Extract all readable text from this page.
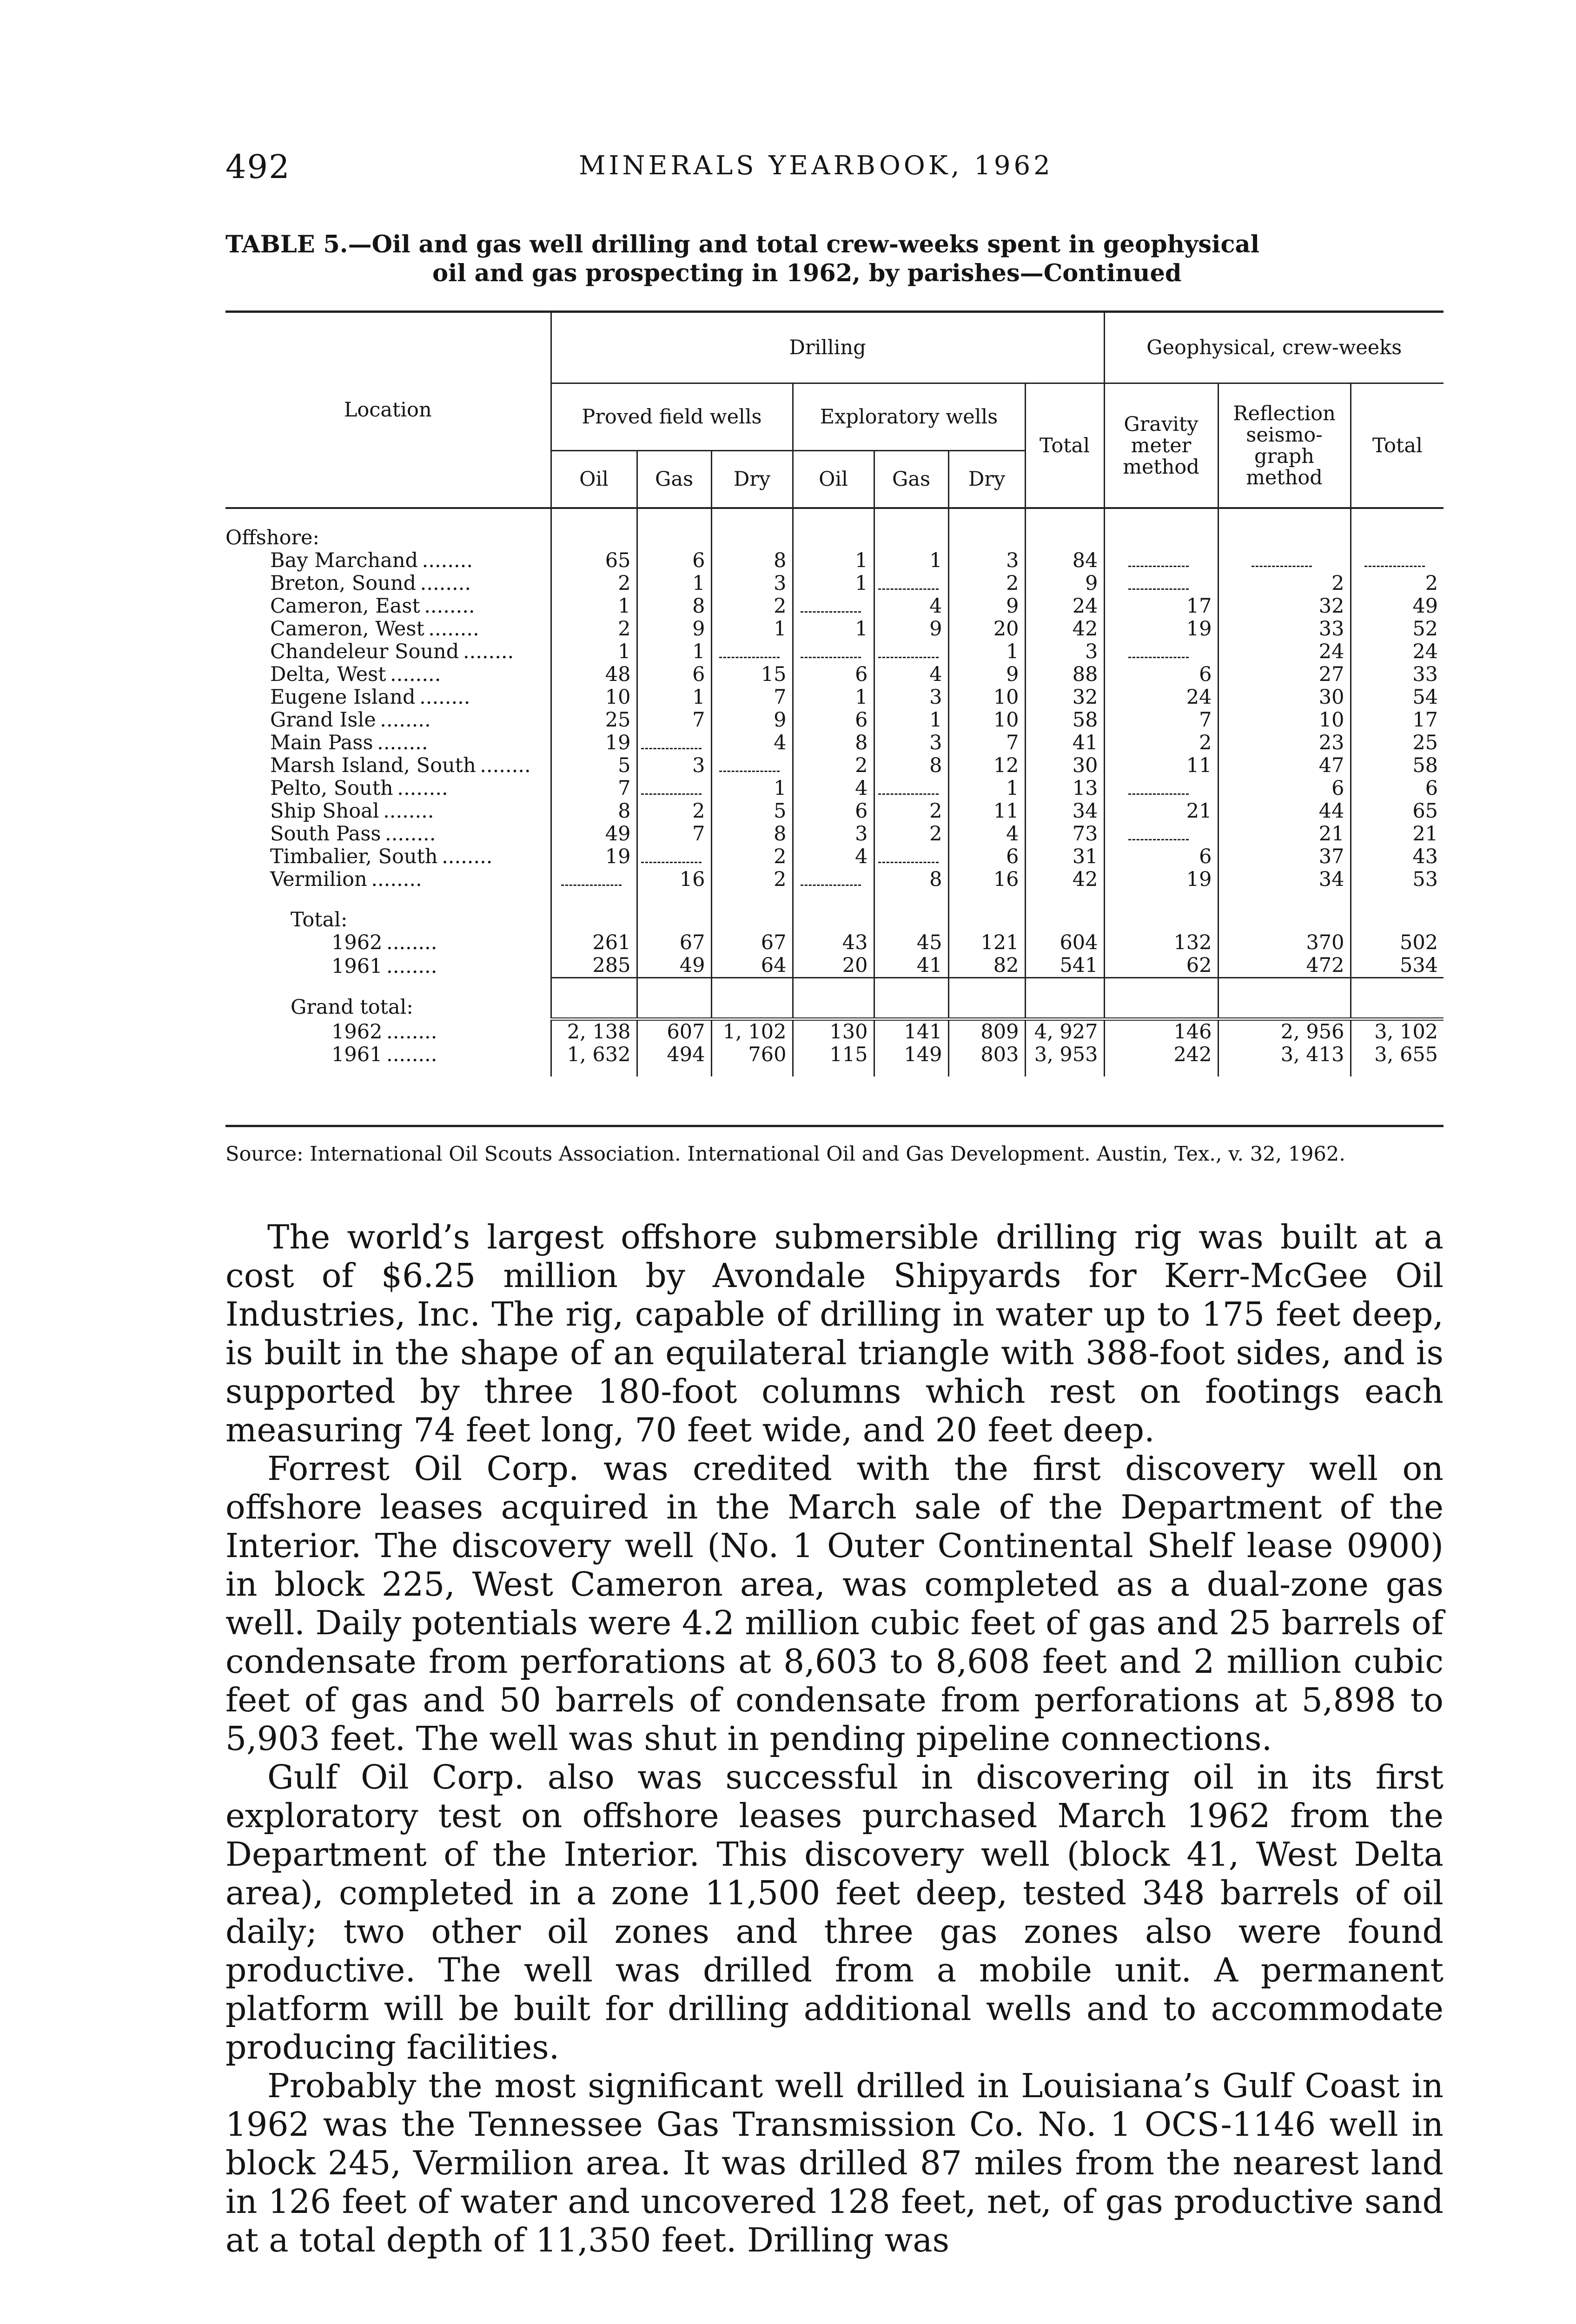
492	MINERALS YEARBOOK, 1962
TABLE 5.—Oil and gas well drilling and total crew-weeks spent in geophysical
oil and gas prospecting in 1962, by parishes—Continued
Location	Drilling							Geophysical, crew-weeks		
	Proved field wells			Exploratory wells			Total	Gravity meter method	Reflection seismo-graph method	Total
	Oil	Gas	Dry	Oil	Gas	Dry				

Offshore:										
Bay Marchand ........	65	6	8	1	1	3	84			
Breton, Sound ........	2	1	3	1		2	9		2	2
Cameron, East ........	1	8	2		4	9	24	17	32	49
Cameron, West ........	2	9	1	1	9	20	42	19	33	52
Chandeleur Sound ........	1	1				1	3		24	24
Delta, West ........	48	6	15	6	4	9	88	6	27	33
Eugene Island ........	10	1	7	1	3	10	32	24	30	54
Grand Isle ........	25	7	9	6	1	10	58	7	10	17
Main Pass ........	19		4	8	3	7	41	2	23	25
Marsh Island, South ........	5	3		2	8	12	30	11	47	58
Pelto, South ........	7		1	4		1	13		6	6
Ship Shoal ........	8	2	5	6	2	11	34	21	44	65
South Pass ........	49	7	8	3	2	4	73		21	21
Timbalier, South ........	19		2	4		6	31	6	37	43
Vermilion ........		16	2		8	16	42	19	34	53

Total:										
1962 ........	261	67	67	43	45	121	604	132	370	502
1961 ........	285	49	64	20	41	82	541	62	472	534

Grand total:										
1962 ........	2, 138	607	1, 102	130	141	809	4, 927	146	2, 956	3, 102
1961 ........	1, 632	494	760	115	149	803	3, 953	242	3, 413	3, 655

Source: International Oil Scouts Association. International Oil and Gas Development. Austin, Tex., v. 32, 1962.

The world’s largest offshore submersible drilling rig was built at a cost of $6.25 million by Avondale Shipyards for Kerr-McGee Oil Industries, Inc. The rig, capable of drilling in water up to 175 feet deep, is built in the shape of an equilateral triangle with 388-foot sides, and is supported by three 180-foot columns which rest on footings each measuring 74 feet long, 70 feet wide, and 20 feet deep.

Forrest Oil Corp. was credited with the first discovery well on offshore leases acquired in the March sale of the Department of the Interior. The discovery well (No. 1 Outer Continental Shelf lease 0900) in block 225, West Cameron area, was completed as a dual-zone gas well. Daily potentials were 4.2 million cubic feet of gas and 25 barrels of condensate from perforations at 8,603 to 8,608 feet and 2 million cubic feet of gas and 50 barrels of condensate from perforations at 5,898 to 5,903 feet. The well was shut in pending pipeline connections.

Gulf Oil Corp. also was successful in discovering oil in its first exploratory test on offshore leases purchased March 1962 from the Department of the Interior. This discovery well (block 41, West Delta area), completed in a zone 11,500 feet deep, tested 348 barrels of oil daily; two other oil zones and three gas zones also were found productive. The well was drilled from a mobile unit. A permanent platform will be built for drilling additional wells and to accommodate producing facilities.

Probably the most significant well drilled in Louisiana’s Gulf Coast in 1962 was the Tennessee Gas Transmission Co. No. 1 OCS-1146 well in block 245, Vermilion area. It was drilled 87 miles from the nearest land in 126 feet of water and uncovered 128 feet, net, of gas productive sand at a total depth of 11,350 feet. Drilling was
